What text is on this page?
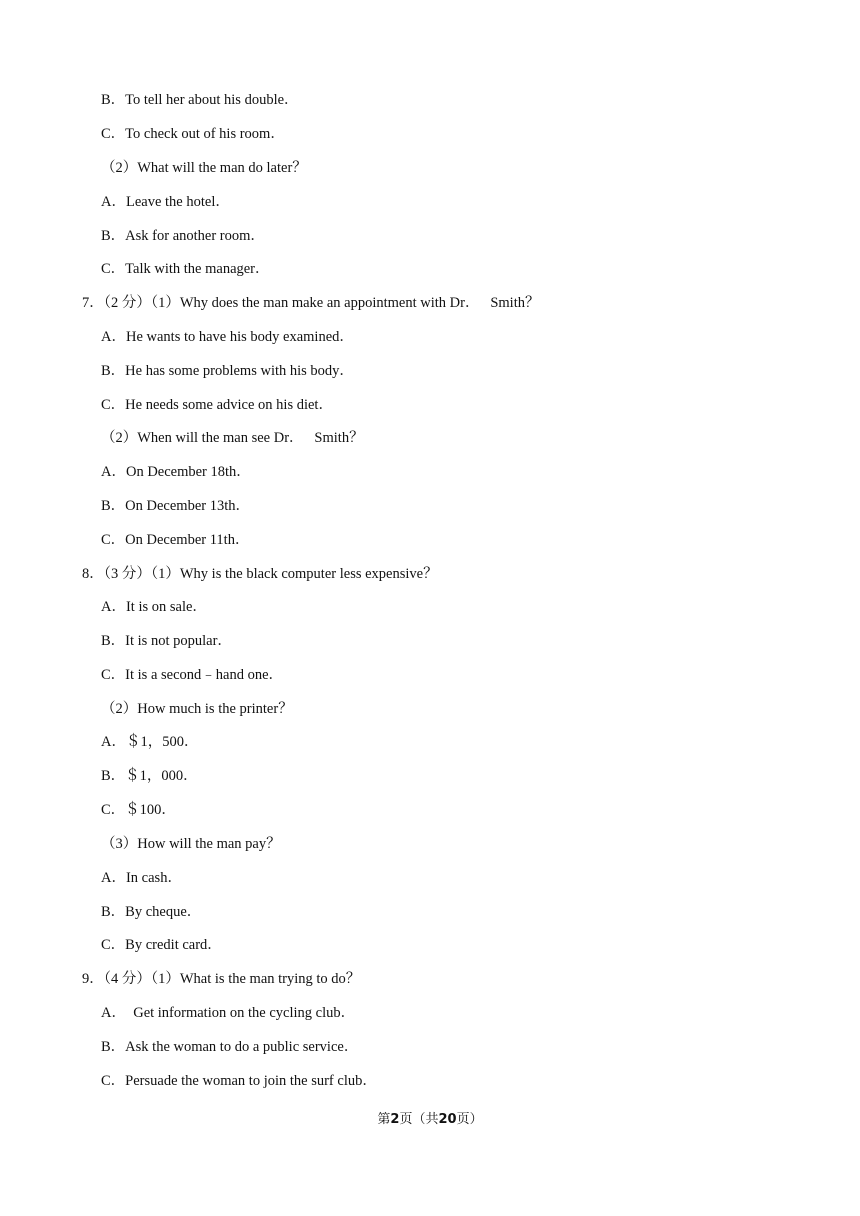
B．To tell her about his double．
C．To check out of his room．
（2）What will the man do later？
A．Leave the hotel．
B．Ask for another room．
C．Talk with the manager．
7．（2 分）（1）Why does the man make an appointment with Dr．   Smith？
A．He wants to have his body examined．
B．He has some problems with his body．
C．He needs some advice on his diet．
（2）When will the man see Dr．   Smith？
A．On December 18th．
B．On December 13th．
C．On December 11th．
8．（3 分）（1）Why is the black computer less expensive？
A．It is on sale．
B．It is not popular．
C．It is a second﹣hand one．
（2）How much is the printer？
A．＄1，500．
B．＄1，000．
C．＄100．
（3）How will the man pay？
A．In cash．
B．By cheque．
C．By credit card．
9．（4 分）（1）What is the man trying to do？
A．  Get information on the cycling club．
B．Ask the woman to do a public service．
C．Persuade the woman to join the surf club．
第2页（共20页）
